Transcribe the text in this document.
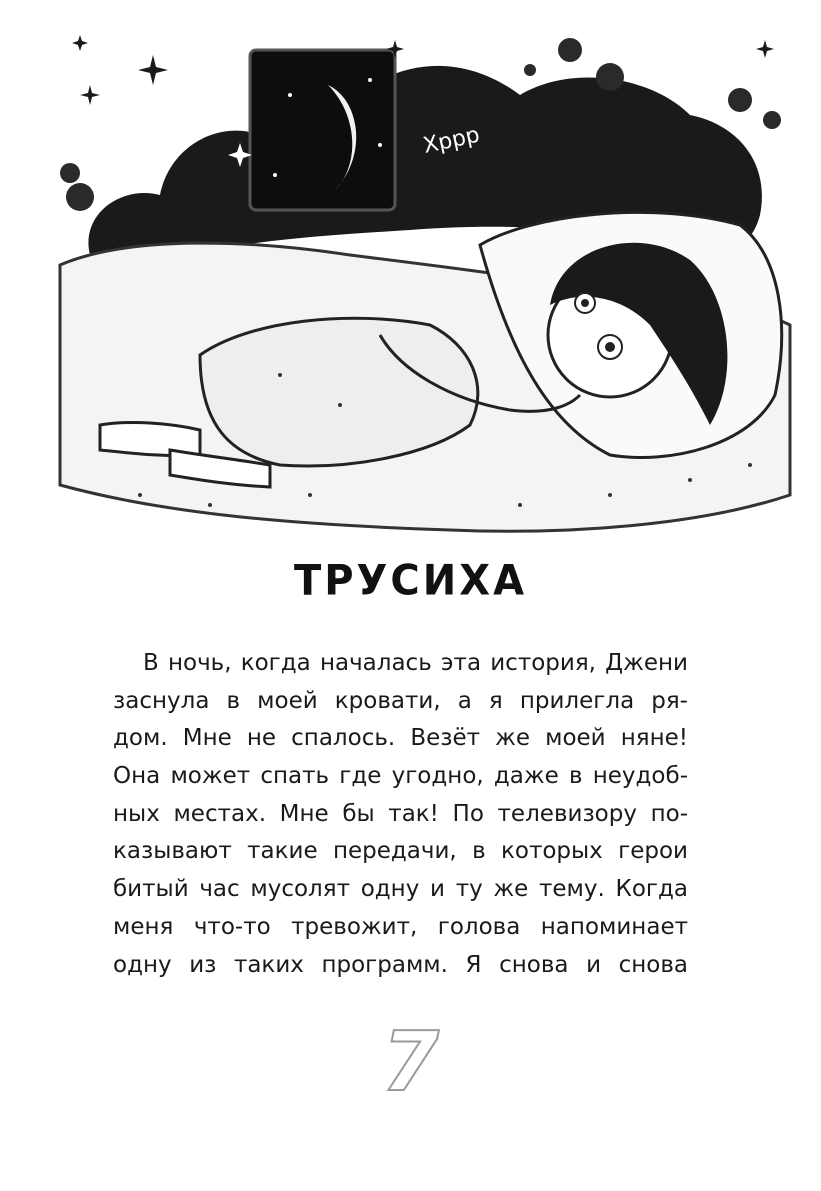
Хррр
ТРУСИХА
В ночь, когда началась эта история, Джени
заснула в моей кровати, а я прилегла ря-
дом. Мне не спалось. Везёт же моей няне!
Она может спать где угодно, даже в неудоб-
ных местах. Мне бы так! По телевизору по-
казывают такие передачи, в которых герои
битый час мусолят одну и ту же тему. Когда
меня что-то тревожит, голова напоминает
одну из таких программ. Я снова и снова
7
